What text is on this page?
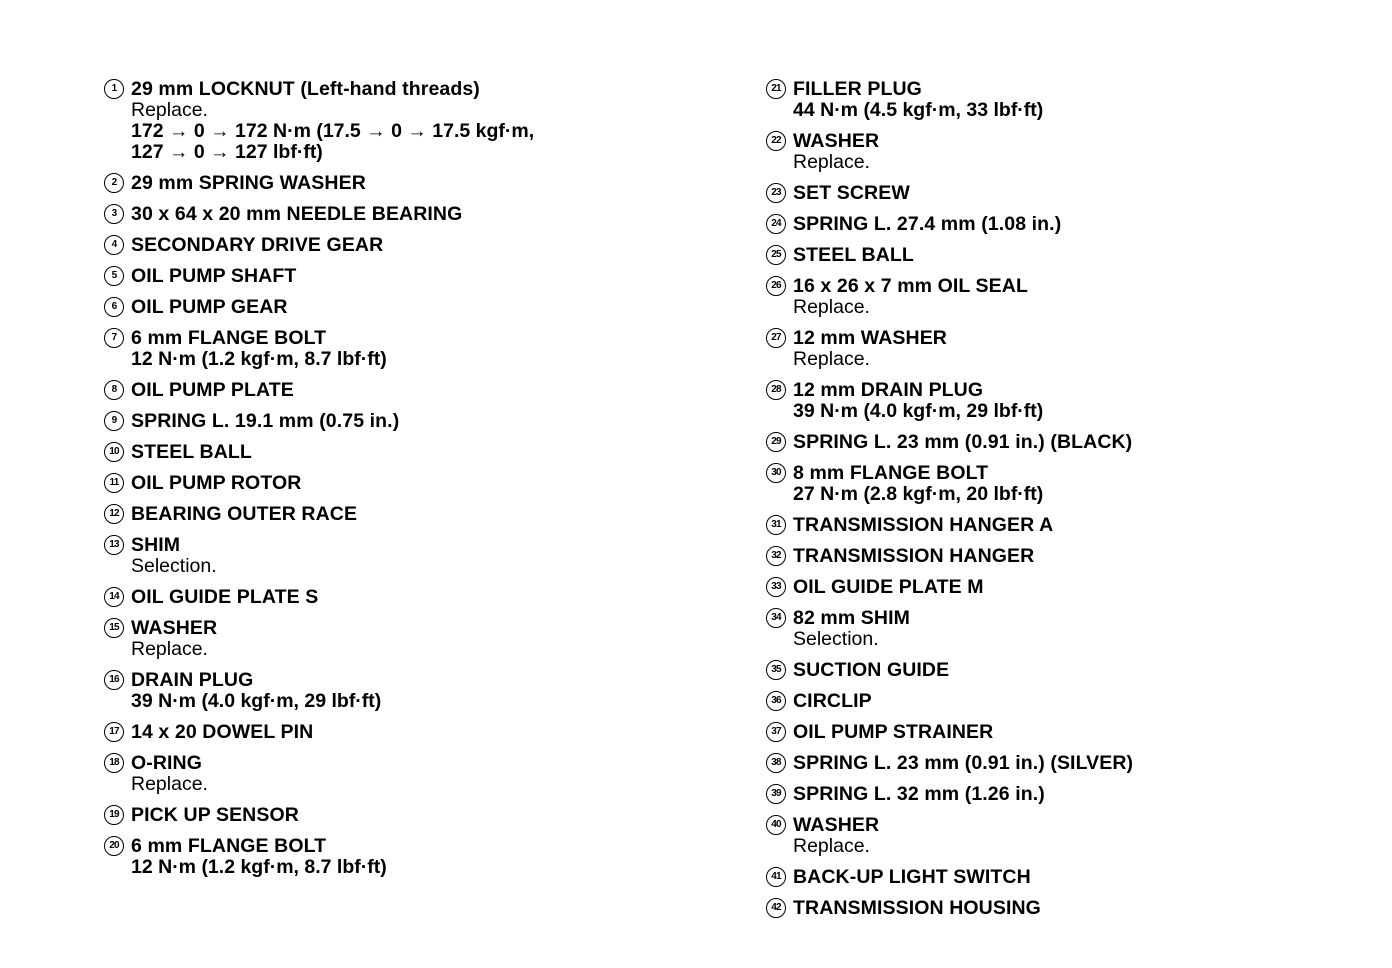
1 29 mm LOCKNUT (Left-hand threads)
Replace.
172 → 0 → 172 N·m (17.5 → 0 → 17.5 kgf·m,
127 → 0 → 127 lbf·ft)
2 29 mm SPRING WASHER
3 30 x 64 x 20 mm NEEDLE BEARING
4 SECONDARY DRIVE GEAR
5 OIL PUMP SHAFT
6 OIL PUMP GEAR
7 6 mm FLANGE BOLT
12 N·m (1.2 kgf·m, 8.7 lbf·ft)
8 OIL PUMP PLATE
9 SPRING L. 19.1 mm (0.75 in.)
10 STEEL BALL
11 OIL PUMP ROTOR
12 BEARING OUTER RACE
13 SHIM
Selection.
14 OIL GUIDE PLATE S
15 WASHER
Replace.
16 DRAIN PLUG
39 N·m (4.0 kgf·m, 29 lbf·ft)
17 14 x 20 DOWEL PIN
18 O-RING
Replace.
19 PICK UP SENSOR
20 6 mm FLANGE BOLT
12 N·m (1.2 kgf·m, 8.7 lbf·ft)
21 FILLER PLUG
44 N·m (4.5 kgf·m, 33 lbf·ft)
22 WASHER
Replace.
23 SET SCREW
24 SPRING L. 27.4 mm (1.08 in.)
25 STEEL BALL
26 16 x 26 x 7 mm OIL SEAL
Replace.
27 12 mm WASHER
Replace.
28 12 mm DRAIN PLUG
39 N·m (4.0 kgf·m, 29 lbf·ft)
29 SPRING L. 23 mm (0.91 in.) (BLACK)
30 8 mm FLANGE BOLT
27 N·m (2.8 kgf·m, 20 lbf·ft)
31 TRANSMISSION HANGER A
32 TRANSMISSION HANGER
33 OIL GUIDE PLATE M
34 82 mm SHIM
Selection.
35 SUCTION GUIDE
36 CIRCLIP
37 OIL PUMP STRAINER
38 SPRING L. 23 mm (0.91 in.) (SILVER)
39 SPRING L. 32 mm (1.26 in.)
40 WASHER
Replace.
41 BACK-UP LIGHT SWITCH
42 TRANSMISSION HOUSING
